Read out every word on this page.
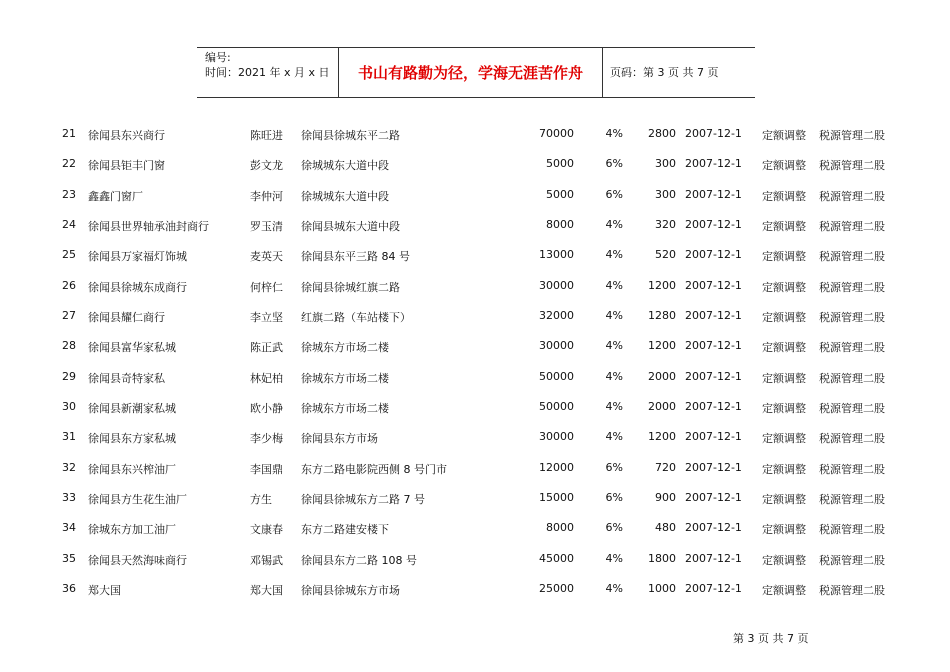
编号:
时间：2021 年 x 月 x 日	书山有路勤为径，学海无涯苦作舟	页码：第 3 页 共 7 页
21 徐闻县东兴商行	陈旺进 徐闻县徐城东平二路	70000	4%	2800 2007-12-1 定额调整 税源管理二股
22 徐闻县钜丰门窗	彭文龙 徐城城东大道中段	5000	6%	300 2007-12-1 定额调整 税源管理二股
23 鑫鑫门窗厂	李仲河 徐城城东大道中段	5000	6%	300 2007-12-1 定额调整 税源管理二股
24 徐闻县世界轴承油封商行	罗玉清 徐闻县城东大道中段	8000	4%	320 2007-12-1 定额调整 税源管理二股
25 徐闻县万家福灯饰城	麦英天 徐闻县东平三路 84 号	13000	4%	520 2007-12-1 定额调整 税源管理二股
26 徐闻县徐城东成商行	何梓仁 徐闻县徐城红旗二路	30000	4%	1200 2007-12-1 定额调整 税源管理二股
27 徐闻县耀仁商行	李立坚 红旗二路（车站楼下）	32000	4%	1280 2007-12-1 定额调整 税源管理二股
28 徐闻县富华家私城	陈正武 徐城东方市场二楼	30000	4%	1200 2007-12-1 定额调整 税源管理二股
29 徐闻县奇特家私	林妃柏 徐城东方市场二楼	50000	4%	2000 2007-12-1 定额调整 税源管理二股
30 徐闻县新潮家私城	欧小静 徐城东方市场二楼	50000	4%	2000 2007-12-1 定额调整 税源管理二股
31 徐闻县东方家私城	李少梅 徐闻县东方市场	30000	4%	1200 2007-12-1 定额调整 税源管理二股
32 徐闻县东兴榨油厂	李国鼎 东方二路电影院西侧 8 号门市	12000	6%	720 2007-12-1 定额调整 税源管理二股
33 徐闻县方生花生油厂	方生	徐闻县徐城东方二路 7 号	15000	6%	900 2007-12-1 定额调整 税源管理二股
34 徐城东方加工油厂	文康春 东方二路建安楼下	8000	6%	480 2007-12-1 定额调整 税源管理二股
35 徐闻县天然海味商行	邓锡武 徐闻县东方二路 108 号	45000	4%	1800 2007-12-1 定额调整 税源管理二股
36 郑大国	郑大国 徐闻县徐城东方市场	25000	4%	1000 2007-12-1 定额调整 税源管理二股
第 3 页 共 7 页
